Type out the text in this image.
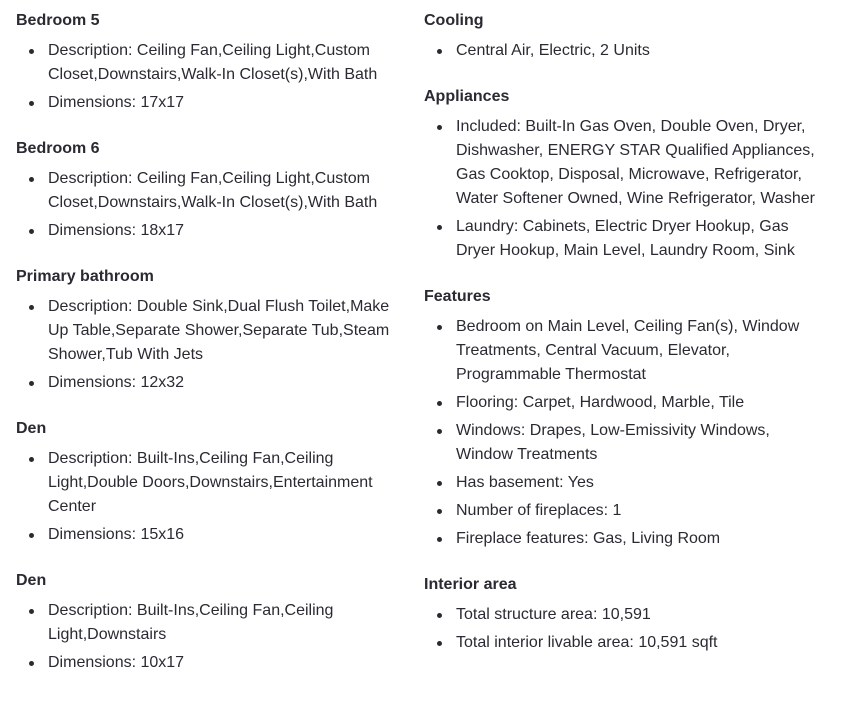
Bedroom 5
Description: Ceiling Fan,Ceiling Light,Custom Closet,Downstairs,Walk-In Closet(s),With Bath
Dimensions: 17x17
Bedroom 6
Description: Ceiling Fan,Ceiling Light,Custom Closet,Downstairs,Walk-In Closet(s),With Bath
Dimensions: 18x17
Primary bathroom
Description: Double Sink,Dual Flush Toilet,Make Up Table,Separate Shower,Separate Tub,Steam Shower,Tub With Jets
Dimensions: 12x32
Den
Description: Built-Ins,Ceiling Fan,Ceiling Light,Double Doors,Downstairs,Entertainment Center
Dimensions: 15x16
Den
Description: Built-Ins,Ceiling Fan,Ceiling Light,Downstairs
Dimensions: 10x17
Cooling
Central Air, Electric, 2 Units
Appliances
Included: Built-In Gas Oven, Double Oven, Dryer, Dishwasher, ENERGY STAR Qualified Appliances, Gas Cooktop, Disposal, Microwave, Refrigerator, Water Softener Owned, Wine Refrigerator, Washer
Laundry: Cabinets, Electric Dryer Hookup, Gas Dryer Hookup, Main Level, Laundry Room, Sink
Features
Bedroom on Main Level, Ceiling Fan(s), Window Treatments, Central Vacuum, Elevator, Programmable Thermostat
Flooring: Carpet, Hardwood, Marble, Tile
Windows: Drapes, Low-Emissivity Windows, Window Treatments
Has basement: Yes
Number of fireplaces: 1
Fireplace features: Gas, Living Room
Interior area
Total structure area: 10,591
Total interior livable area: 10,591 sqft
